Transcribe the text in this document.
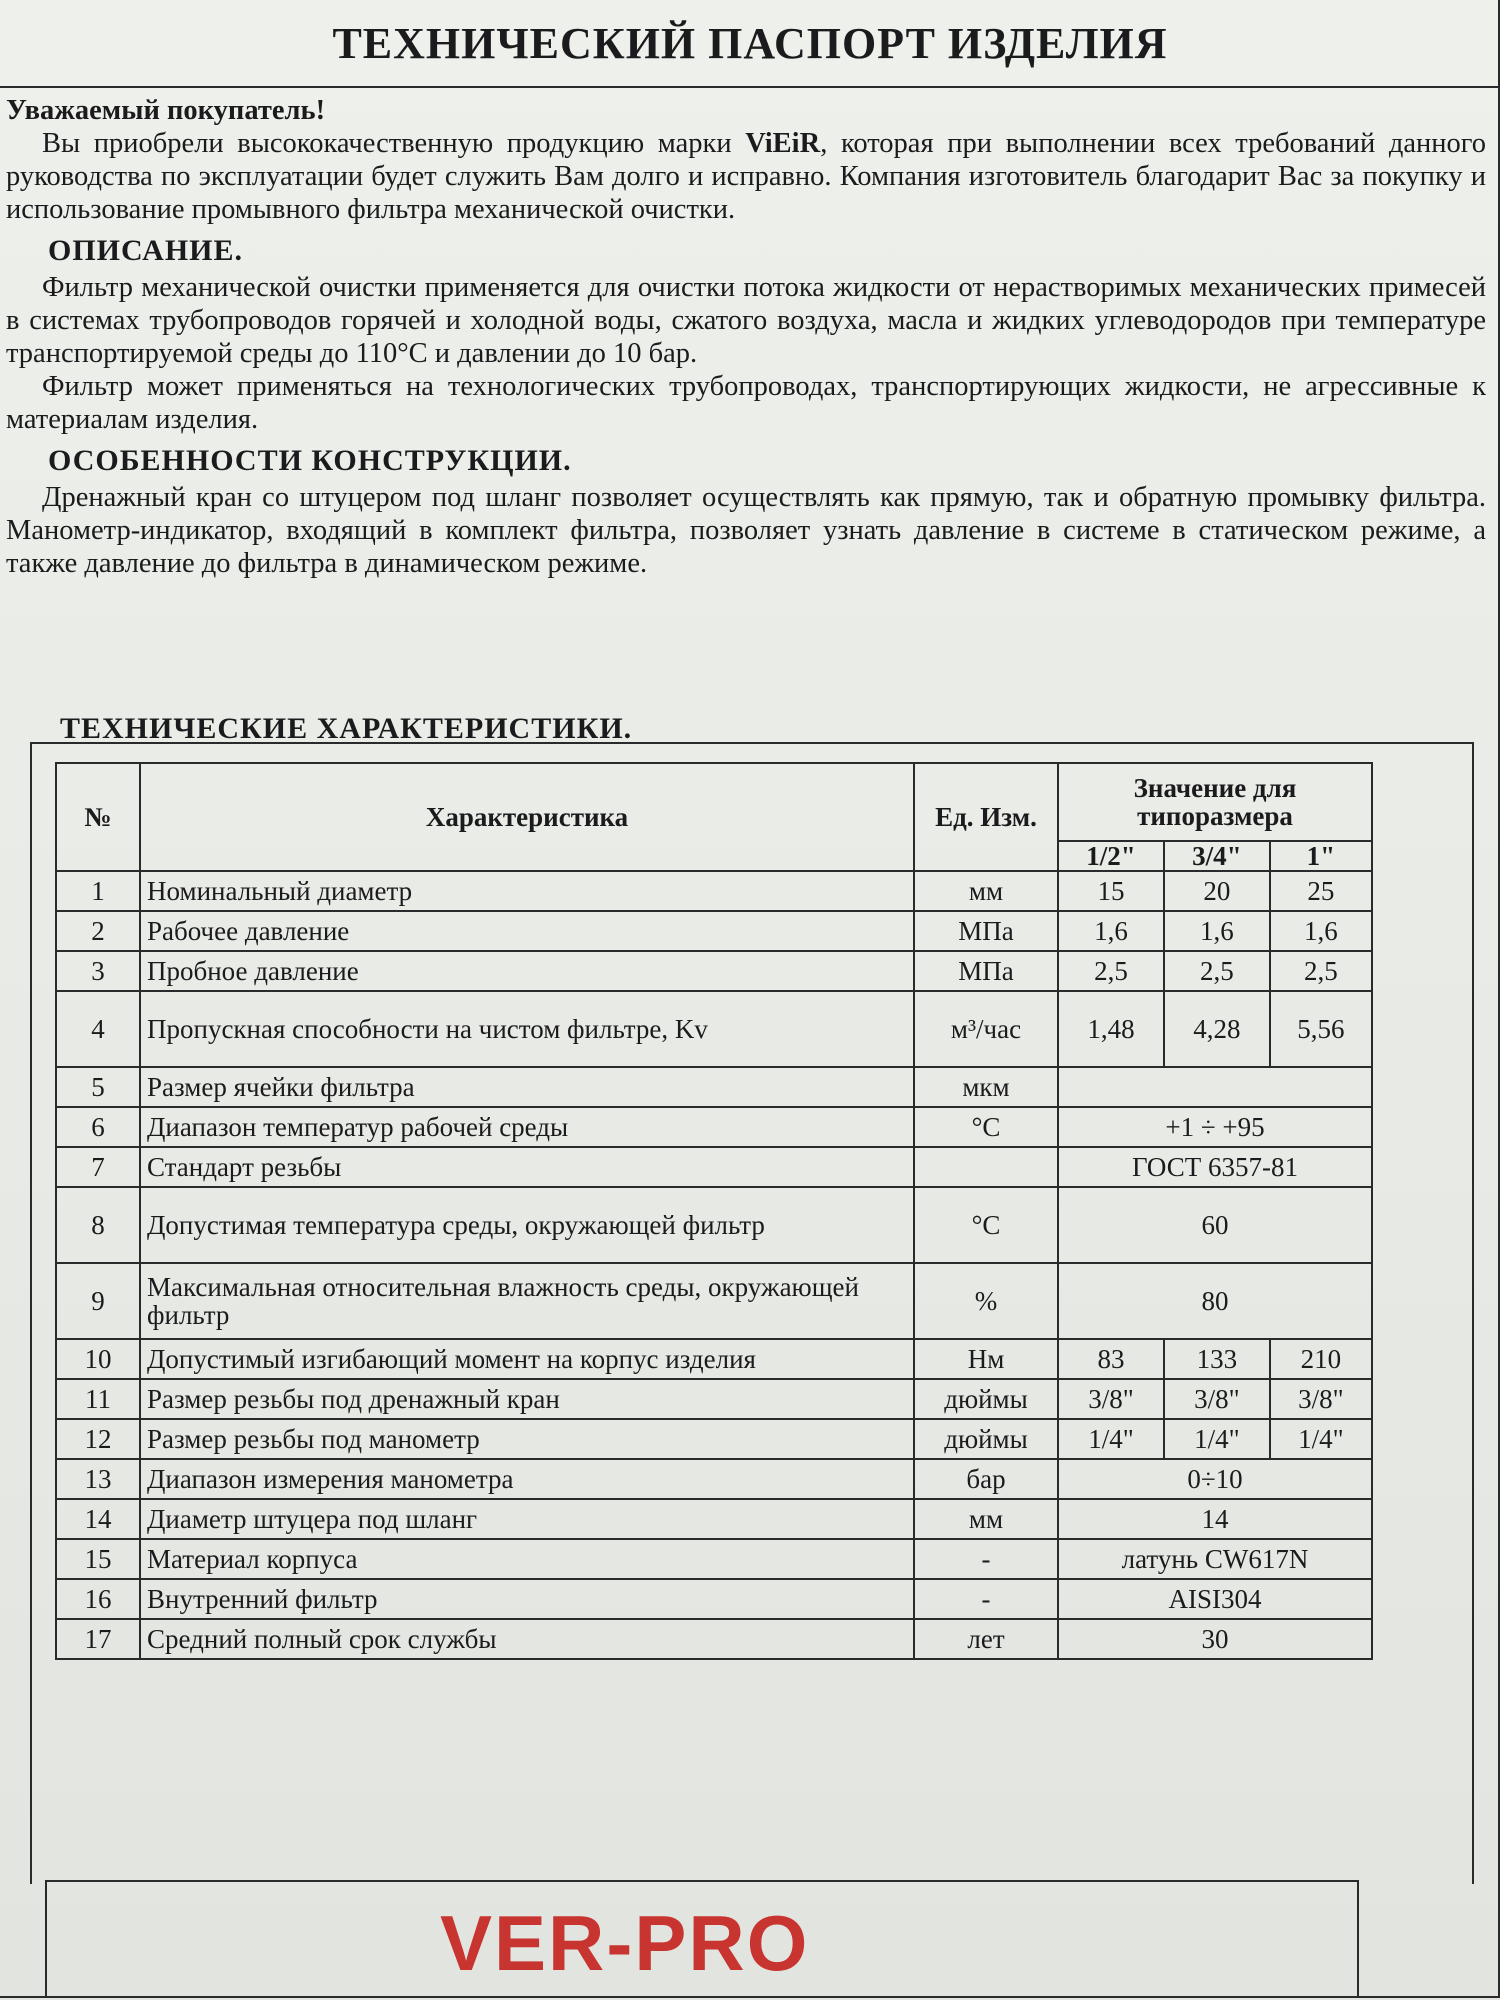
ТЕХНИЧЕСКИЙ ПАСПОРТ ИЗДЕЛИЯ

Уважаемый покупатель!

Вы приобрели высококачественную продукцию марки ViEiR, которая при выполнении всех требований данного руководства по эксплуатации будет служить Вам долго и исправно. Компания изготовитель благодарит Вас за покупку и использование промывного фильтра механической очистки.

ОПИСАНИЕ.

Фильтр механической очистки применяется для очистки потока жидкости от нерастворимых механических примесей в системах трубопроводов горячей и холодной воды, сжатого воздуха, масла и жидких углеводородов при температуре транспортируемой среды до 110°С и давлении до 10 бар.

Фильтр может применяться на технологических трубопроводах, транспортирующих жидкости, не агрессивные к материалам изделия.

ОСОБЕННОСТИ КОНСТРУКЦИИ.

Дренажный кран со штуцером под шланг позволяет осуществлять как прямую, так и обратную промывку фильтра. Манометр-индикатор, входящий в комплект фильтра, позволяет узнать давление в системе в статическом режиме, а также давление до фильтра в динамическом режиме.

ТЕХНИЧЕСКИЕ ХАРАКТЕРИСТИКИ.

№	Характеристика	Ед. Изм.	Значение для типоразмера		
			1/2"	3/4"	1"
1	Номинальный диаметр	мм	15	20	25
2	Рабочее давление	МПа	1,6	1,6	1,6
3	Пробное давление	МПа	2,5	2,5	2,5
4	Пропускная способности на чистом фильтре, Kv	м³/час	1,48	4,28	5,56
5	Размер ячейки фильтра	мкм			
6	Диапазон температур рабочей среды	°С	+1 ÷ +95		
7	Стандарт резьбы		ГОСТ 6357-81		
8	Допустимая температура среды, окружающей фильтр	°С	60		
9	Максимальная относительная влажность среды, окружающей фильтр	%	80		
10	Допустимый изгибающий момент на корпус изделия	Нм	83	133	210
11	Размер резьбы под дренажный кран	дюймы	3/8"	3/8"	3/8"
12	Размер резьбы под манометр	дюймы	1/4"	1/4"	1/4"
13	Диапазон измерения манометра	бар	0÷10		
14	Диаметр штуцера под шланг	мм	14		
15	Материал корпуса	-	латунь CW617N		
16	Внутренний фильтр	-	AISI304		
17	Средний полный срок службы	лет	30		

VER-PRO
